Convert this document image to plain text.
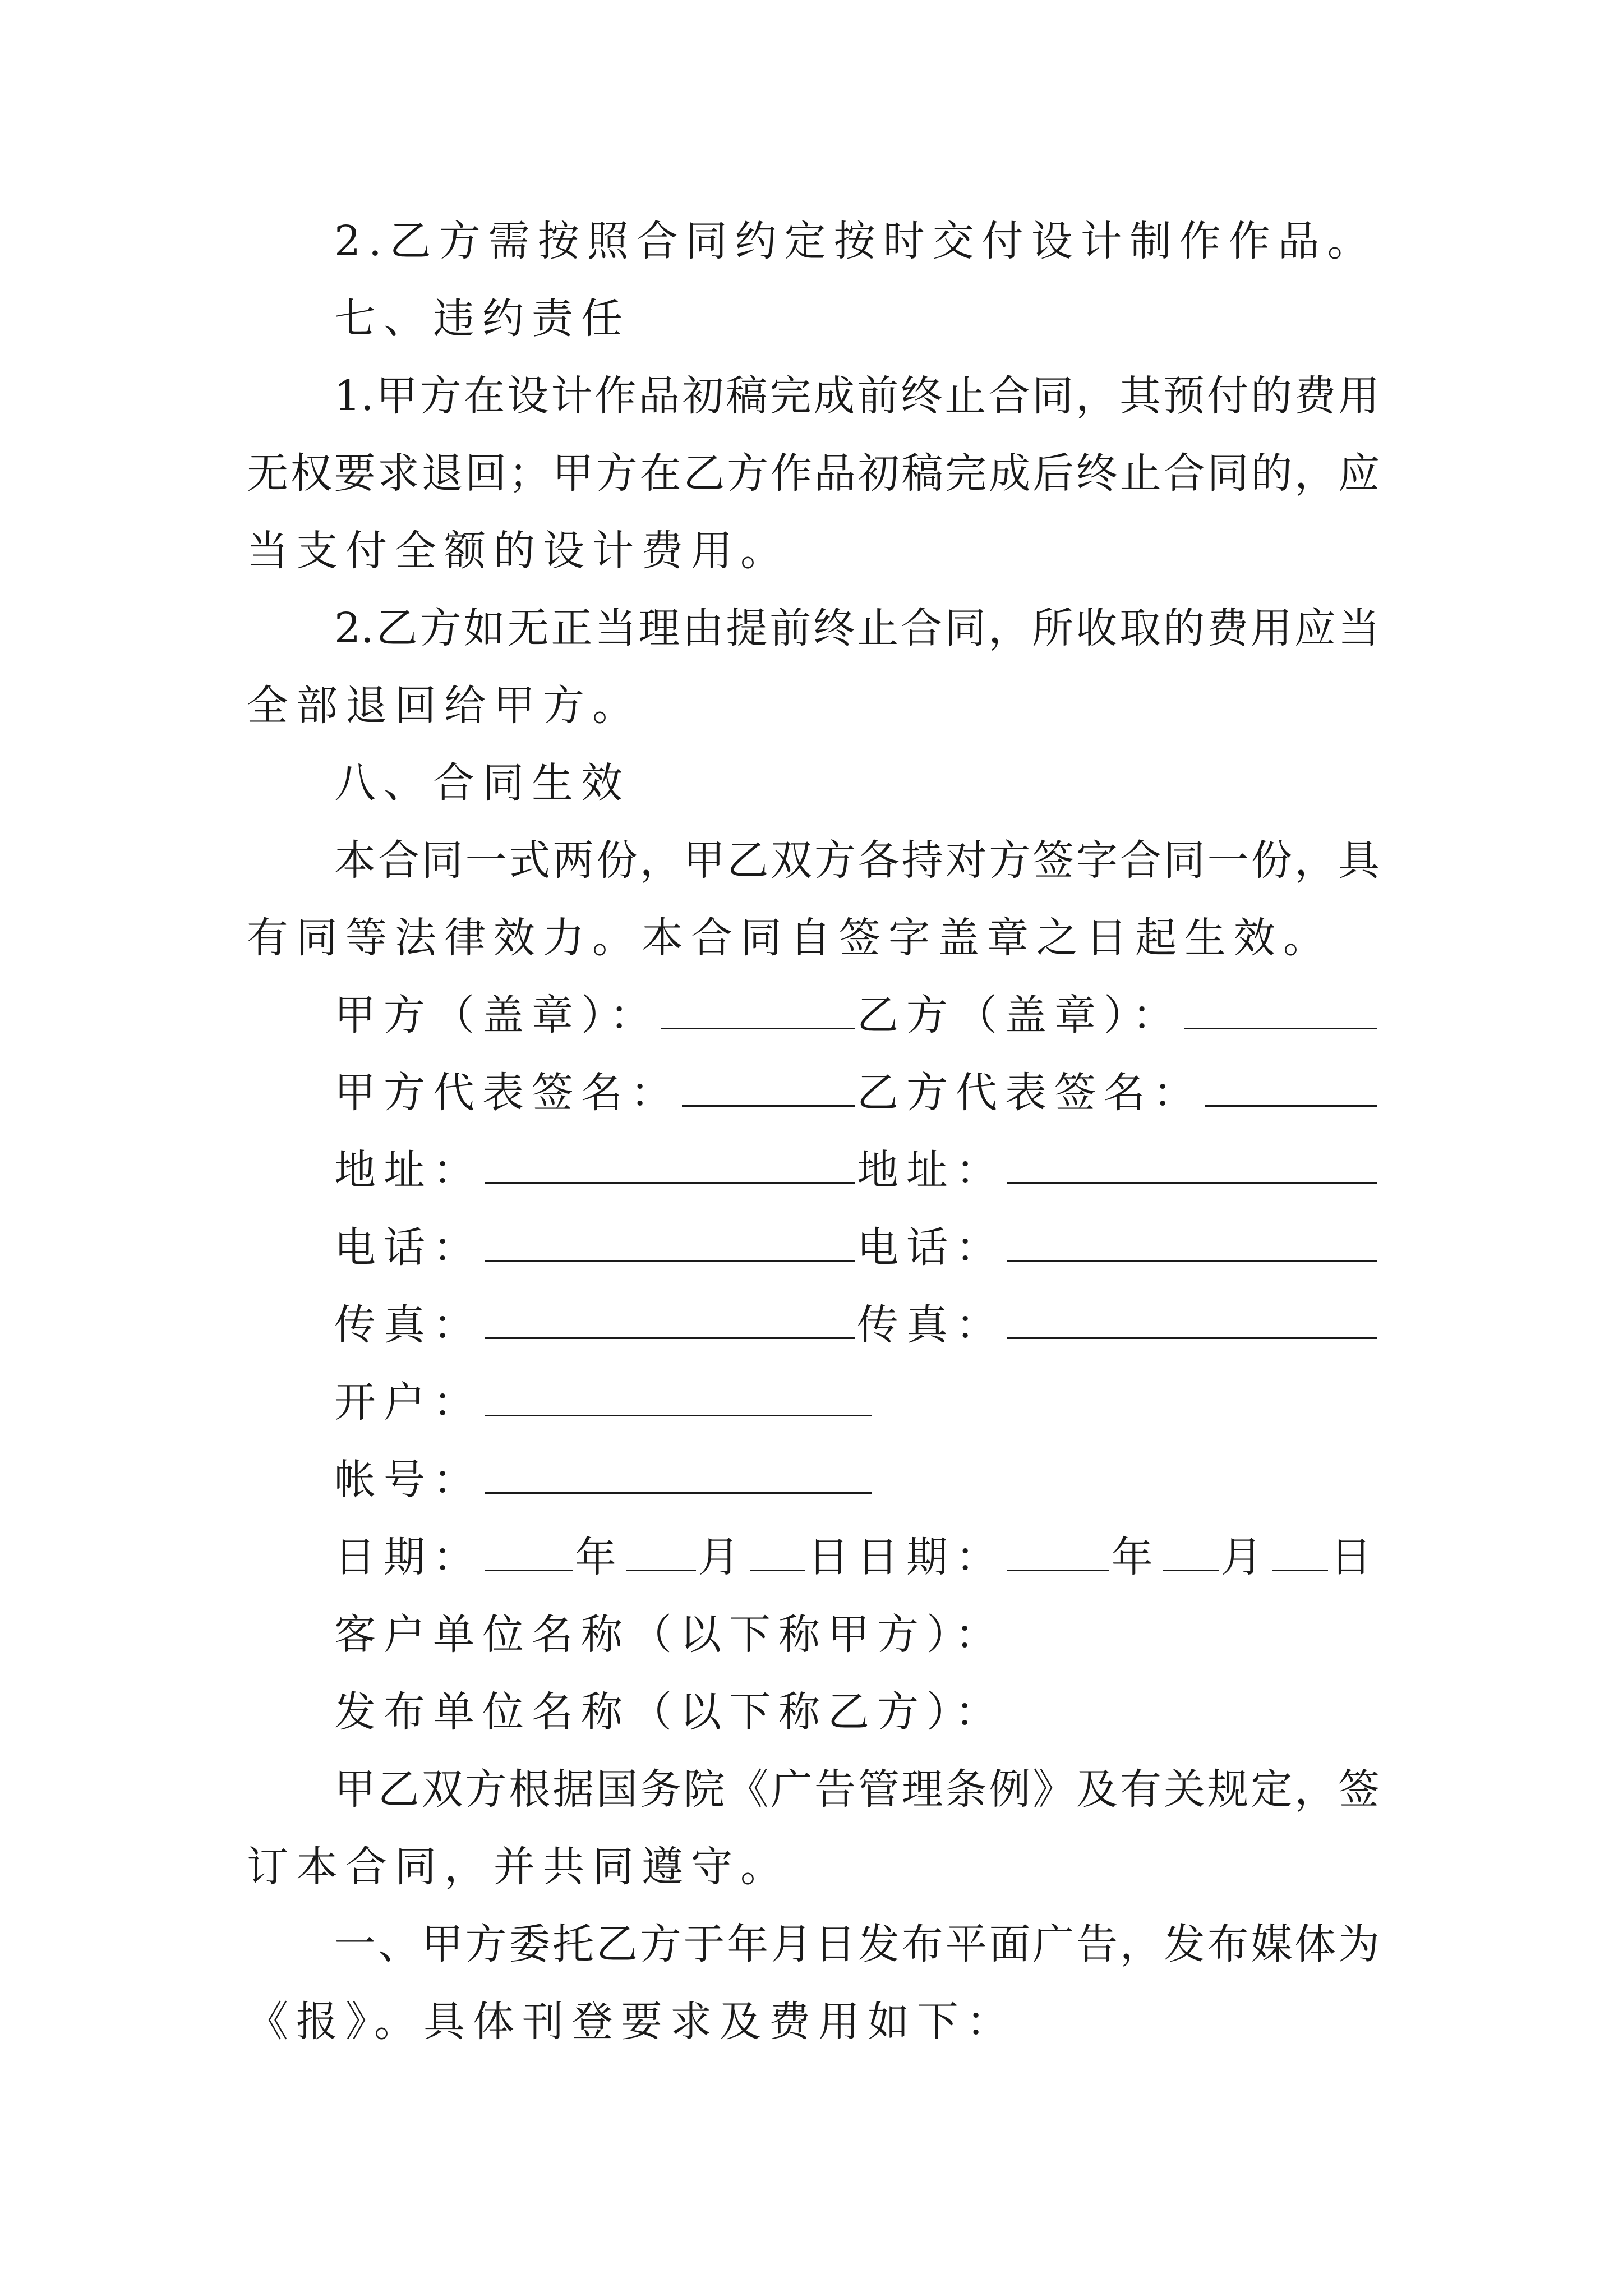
2.乙方需按照合同约定按时交付设计制作作品。
七、违约责任
1.甲方在设计作品初稿完成前终止合同，其预付的费用
无权要求退回；甲方在乙方作品初稿完成后终止合同的，应
当支付全额的设计费用。
2.乙方如无正当理由提前终止合同，所收取的费用应当
全部退回给甲方。
八、合同生效
本合同一式两份，甲乙双方各持对方签字合同一份，具
有同等法律效力。本合同自签字盖章之日起生效。
甲方（盖章）：	乙方（盖章）：
甲方代表签名：	乙方代表签名：
地址：	地址：
电话：	电话：
传真：	传真：
开户：
帐号：
日期： 年 月 日 日期：	年 月 日
客户单位名称（以下称甲方）：
发布单位名称（以下称乙方）：
甲乙双方根据国务院《广告管理条例》及有关规定，签
订本合同，并共同遵守。
一、甲方委托乙方于年月日发布平面广告，发布媒体为
《报》。具体刊登要求及费用如下：
